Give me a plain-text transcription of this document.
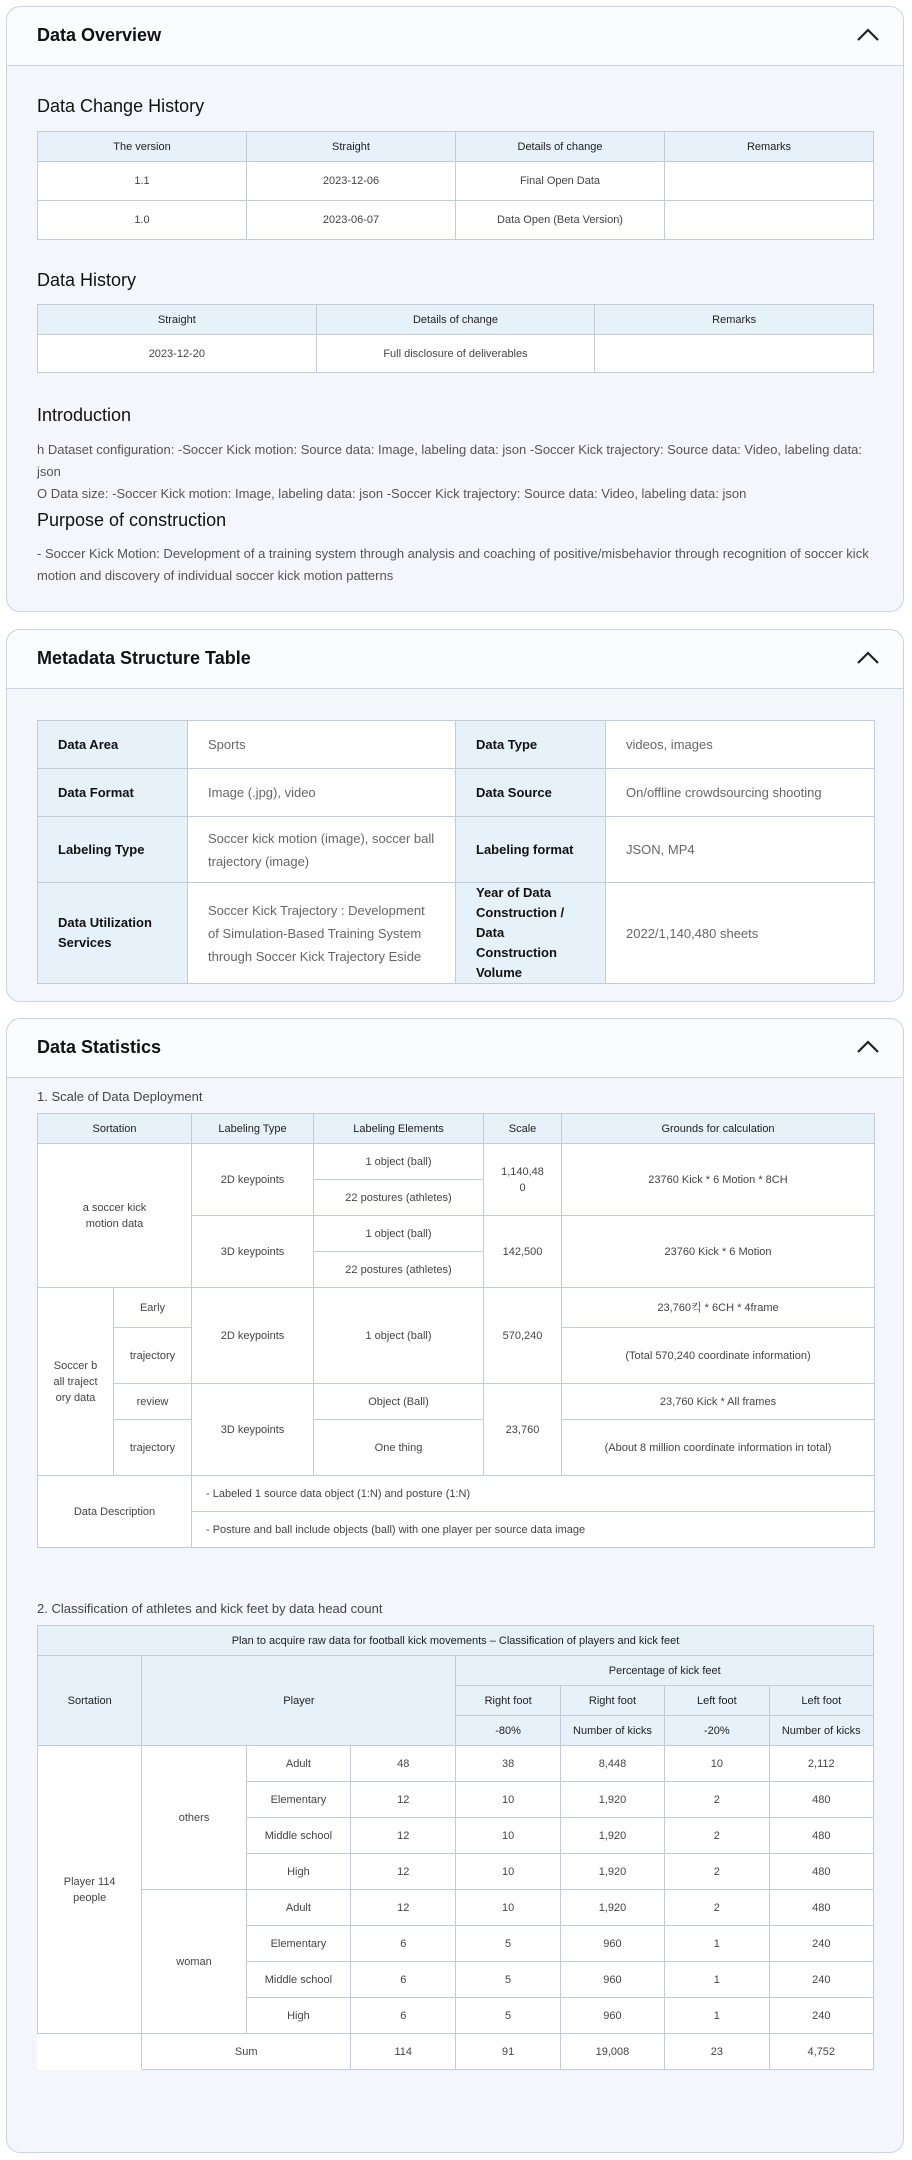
Data Overview
Data Change History
The version	Straight	Details of change	Remarks
1.1	2023-12-06	Final Open Data	
1.0	2023-06-07	Data Open (Beta Version)	
Data History
Straight	Details of change	Remarks
2023-12-20	Full disclosure of deliverables	
Introduction
h Dataset configuration: -Soccer Kick motion: Source data: Image, labeling data: json -Soccer Kick trajectory: Source data: Video, labeling data: json
O Data size: -Soccer Kick motion: Image, labeling data: json -Soccer Kick trajectory: Source data: Video, labeling data: json
Purpose of construction
- Soccer Kick Motion: Development of a training system through analysis and coaching of positive/misbehavior through recognition of soccer kick motion and discovery of individual soccer kick motion patterns
Metadata Structure Table
Data Area	Sports	Data Type	videos, images
Data Format	Image (.jpg), video	Data Source	On/offline crowdsourcing shooting
Labeling Type	Soccer kick motion (image), soccer ball trajectory (image)	Labeling format	JSON, MP4
Data Utilization Services	Soccer Kick Trajectory : Development of Simulation-Based Training System through Soccer Kick Trajectory Eside	Year of Data Construction / Data Construction Volume	2022/1,140,480 sheets
Data Statistics
1. Scale of Data Deployment
Sortation		Labeling Type	Labeling Elements	Scale	Grounds for calculation
a soccer kick motion data		2D keypoints	1 object (ball)	1,140,480	23760 Kick * 6 Motion * 8CH
			22 postures (athletes)		
		3D keypoints	1 object (ball)	142,500	23760 Kick * 6 Motion
			22 postures (athletes)		
Soccer ball trajectory data	Early	2D keypoints	1 object (ball)	570,240	23,760킥 * 6CH * 4frame
	trajectory				(Total 570,240 coordinate information)
	review	3D keypoints	Object (Ball)	23,760	23,760 Kick * All frames
	trajectory		One thing		(About 8 million coordinate information in total)
Data Description		- Labeled 1 source data object (1:N) and posture (1:N)			
		- Posture and ball include objects (ball) with one player per source data image			
2. Classification of athletes and kick feet by data head count
Plan to acquire raw data for football kick movements – Classification of players and kick feet							
Sortation	Player			Percentage of kick feet			
				Right foot	Right foot	Left foot	Left foot
				-80%	Number of kicks	-20%	Number of kicks
Player 114 people	others	Adult	48	38	8,448	10	2,112
		Elementary	12	10	1,920	2	480
		Middle school	12	10	1,920	2	480
		High	12	10	1,920	2	480
	woman	Adult	12	10	1,920	2	480
		Elementary	6	5	960	1	240
		Middle school	6	5	960	1	240
		High	6	5	960	1	240
	Sum		114	91	19,008	23	4,752
